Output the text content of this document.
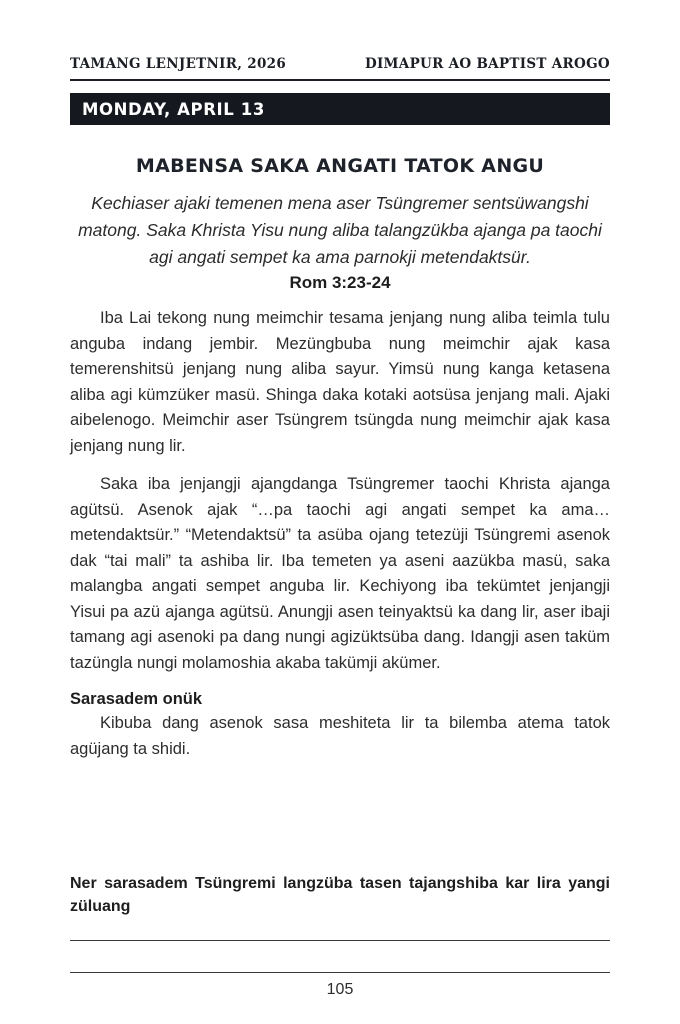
TAMANG LENJETNIR, 2026	DIMAPUR AO BAPTIST AROGO
MONDAY, APRIL 13
MABENSA SAKA ANGATI TATOK ANGU

Kechiaser ajaki temenen mena aser Tsüngremer sentsüwangshi matong. Saka Khrista Yisu nung aliba talangzükba ajanga pa taochi agi angati sempet ka ama parnokji metendaktsür.

Rom 3:23-24

Iba Lai tekong nung meimchir tesama jenjang nung aliba teimla tulu anguba indang jembir. Mezüngbuba nung meimchir ajak kasa temerenshitsü jenjang nung aliba sayur. Yimsü nung kanga ketasena aliba agi kümzüker masü. Shinga daka kotaki aotsüsa jenjang mali. Ajaki aibelenogo. Meimchir aser Tsüngrem tsüngda nung meimchir ajak kasa jenjang nung lir.

Saka iba jenjangji ajangdanga Tsüngremer taochi Khrista ajanga agütsü. Asenok ajak “…pa taochi agi angati sempet ka ama… metendaktsür.” “Metendaktsü” ta asüba ojang tetezüji Tsüngremi asenok dak “tai mali” ta ashiba lir. Iba temeten ya aseni aazükba masü, saka malangba angati sempet anguba lir. Kechiyong iba tekümtet jenjangji Yisui pa azü ajanga agütsü. Anungji asen teinyaktsü ka dang lir, aser ibaji tamang agi asenoki pa dang nungi agizüktsüba dang. Idangji asen taküm tazüngla nungi molamoshia akaba takümji akümer.

Sarasadem onük

Kibuba dang asenok sasa meshiteta lir ta bilemba atema tatok agüjang ta shidi.

Ner sarasadem Tsüngremi langzüba tasen tajangshiba kar lira yangi züluang

105
